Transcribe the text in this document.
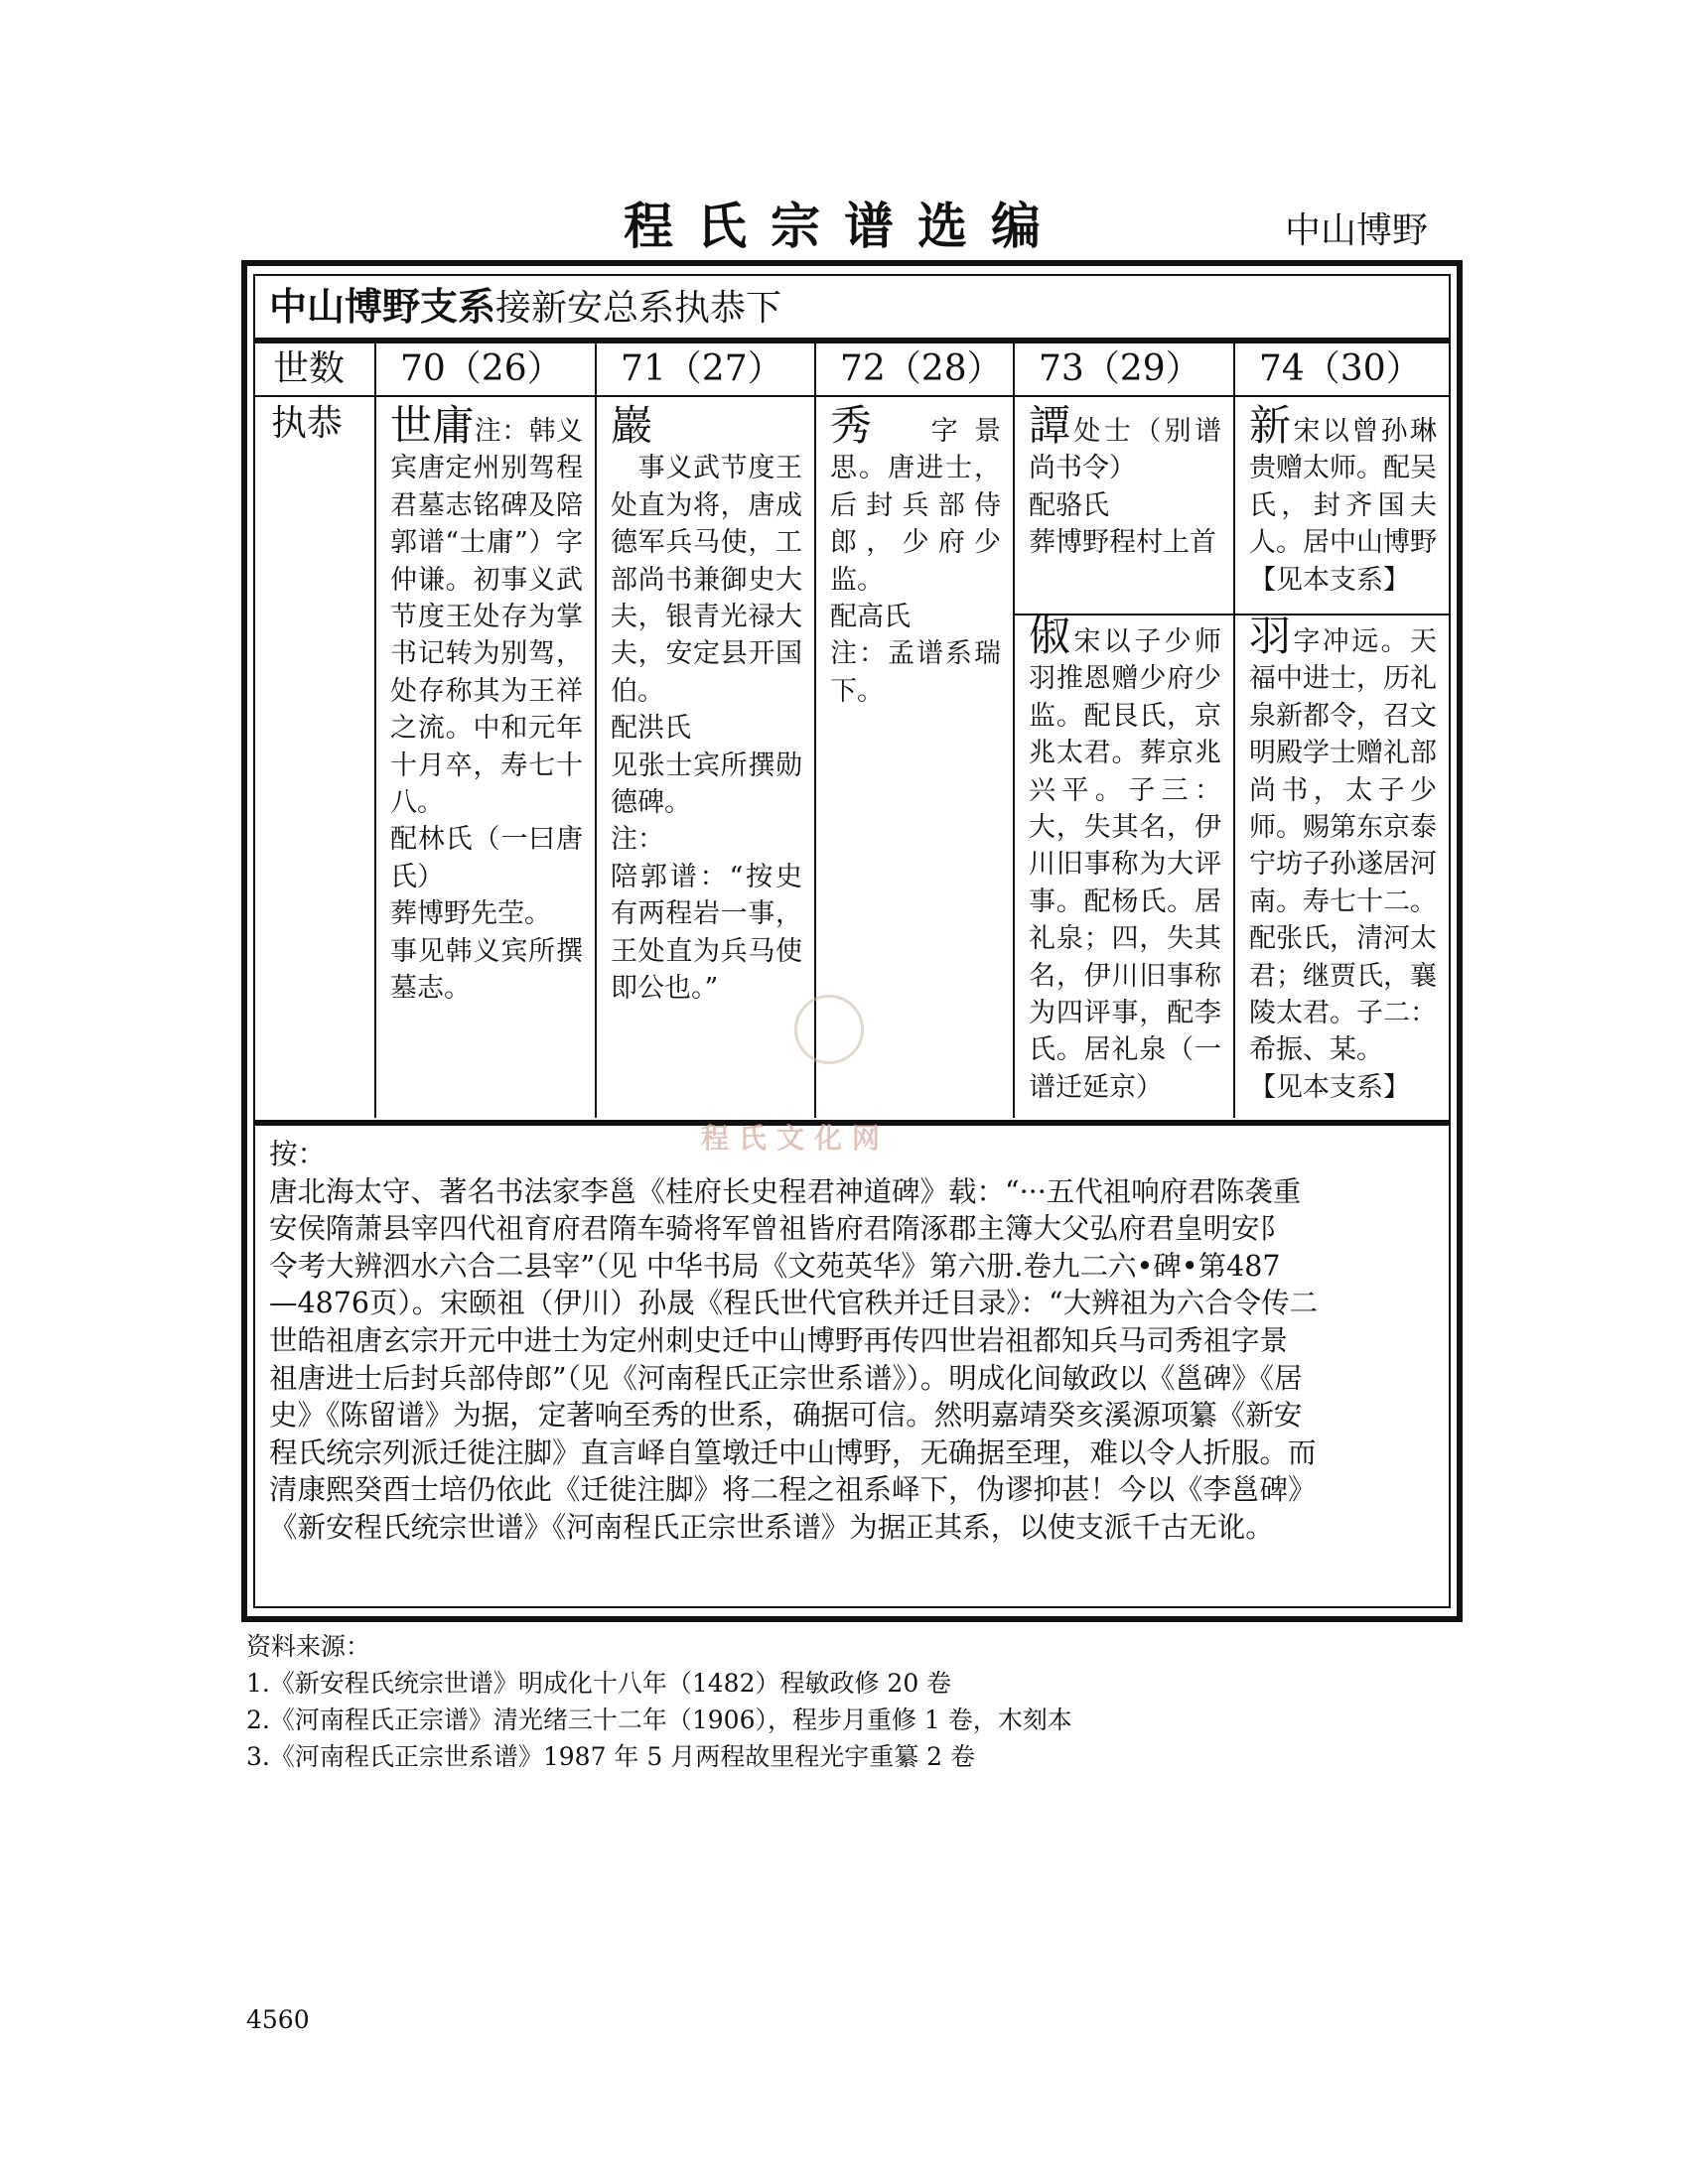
程氏宗谱选编	中山博野
中山博野支系接新安总系执恭下
世数
执恭
70（26）
世庸注：韩义宾唐定州别驾程君墓志铭碑及陪郭谱“士庸”）字仲谦。初事义武节度王处存为掌书记转为别驾，处存称其为王祥之流。中和元年十月卒，寿七十八。
配林氏（一曰唐氏）
葬博野先茔。
事见韩义宾所撰墓志。
71（27）
巖
　事义武节度王处直为将，唐成德军兵马使，工部尚书兼御史大夫，银青光禄大夫，安定县开国伯。
配洪氏
见张士宾所撰勋德碑。
注：
陪郭谱：“按史有两程岩一事，王处直为兵马使即公也。”
72（28）
秀　字景思。唐进士，后封兵部侍郎，少府少监。
配高氏
注：孟谱系瑞下。
73（29）
譚处士（别谱尚书令）
配骆氏
葬博野程村上首
俶宋以子少师羽推恩赠少府少监。配艮氏，京兆太君。葬京兆兴平。子三：大，失其名，伊川旧事称为大评事。配杨氏。居礼泉；四，失其名，伊川旧事称为四评事，配李氏。居礼泉（一谱迁延京）
74（30）
新宋以曾孙琳贵赠太师。配吴氏，封齐国夫人。居中山博野
【见本支系】
羽字冲远。天福中进士，历礼泉新都令，召文明殿学士赠礼部尚书，太子少师。赐第东京泰宁坊子孙遂居河南。寿七十二。配张氏，清河太君；继贾氏，襄陵太君。子二：希振、某。
【见本支系】

按：

唐北海太守、著名书法家李邕《桂府长史程君神道碑》载：“···五代祖响府君陈袭重

安侯隋萧县宰四代祖育府君隋车骑将军曾祖皆府君隋涿郡主簿大父弘府君皇明安阝

令考大辨泗水六合二县宰”（见 中华书局《文苑英华》第六册.卷九二六•碑•第487

—4876页）。宋颐祖（伊川）孙晟《程氏世代官秩并迁目录》：“大辨祖为六合令传二

世皓祖唐玄宗开元中进士为定州刺史迁中山博野再传四世岩祖都知兵马司秀祖字景

祖唐进士后封兵部侍郎”（见《河南程氏正宗世系谱》）。明成化间敏政以《邕碑》《居

史》《陈留谱》为据，定著响至秀的世系，确据可信。然明嘉靖癸亥溪源项纂《新安

程氏统宗列派迁徙注脚》直言峄自篁墩迁中山博野，无确据至理，难以令人折服。而

清康熙癸酉士培仍依此《迁徙注脚》将二程之祖系峄下，伪谬抑甚！今以《李邕碑》

《新安程氏统宗世谱》《河南程氏正宗世系谱》为据正其系，以使支派千古无讹。

程氏文化网

资料来源：

1.《新安程氏统宗世谱》明成化十八年（1482）程敏政修 20 卷

2.《河南程氏正宗谱》清光绪三十二年（1906），程步月重修 1 卷，木刻本

3.《河南程氏正宗世系谱》1987 年 5 月两程故里程光宇重纂 2 卷

4560
